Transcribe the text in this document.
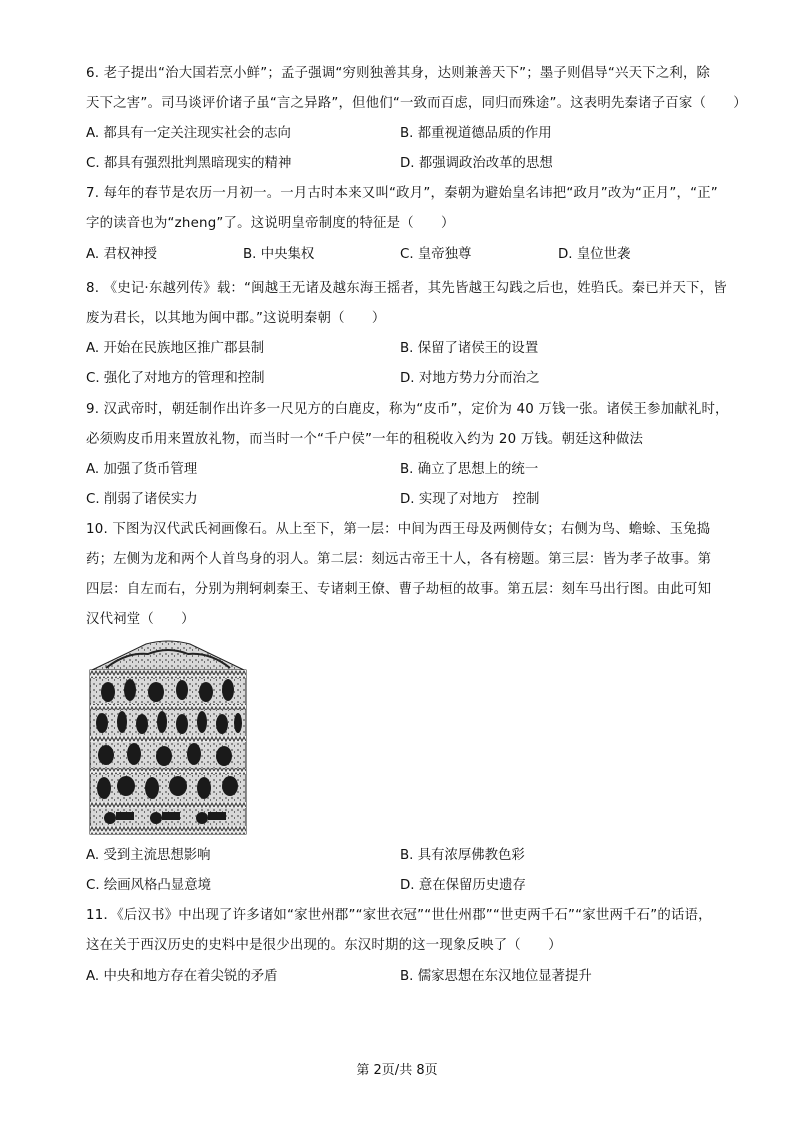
6. 老子提出“治大国若烹小鲜”；孟子强调“穷则独善其身，达则兼善天下”；墨子则倡导“兴天下之利，除
天下之害”。司马谈评价诸子虽“言之异路”，但他们“一致而百虑，同归而殊途”。这表明先秦诸子百家（　　）
A. 都具有一定关注现实社会的志向	B. 都重视道德品质的作用
C. 都具有强烈批判黑暗现实的精神	D. 都强调政治改革的思想
7. 每年的春节是农历一月初一。一月古时本来又叫“政月”，秦朝为避始皇名讳把“政月”改为“正月”，“正”
字的读音也为“zheng”了。这说明皇帝制度的特征是（　　）
A. 君权神授	B. 中央集权	C. 皇帝独尊	D. 皇位世袭
8. 《史记·东越列传》载：“闽越王无诸及越东海王摇者，其先皆越王勾践之后也，姓驺氏。秦已并天下，皆
废为君长，以其地为闽中郡。”这说明秦朝（　　）
A. 开始在民族地区推广郡县制	B. 保留了诸侯王的设置
C. 强化了对地方的管理和控制	D. 对地方势力分而治之
9. 汉武帝时，朝廷制作出许多一尺见方的白鹿皮，称为“皮币”，定价为 40 万钱一张。诸侯王参加献礼时，
必须购皮币用来置放礼物，而当时一个“千户侯”一年的租税收入约为 20 万钱。朝廷这种做法
A. 加强了货币管理	B. 确立了思想上的统一
C. 削弱了诸侯实力	D. 实现了对地方　控制
10. 下图为汉代武氏祠画像石。从上至下，第一层：中间为西王母及两侧侍女；右侧为鸟、蟾蜍、玉兔捣
药；左侧为龙和两个人首鸟身的羽人。第二层：刻远古帝王十人，各有榜题。第三层：皆为孝子故事。第
四层：自左而右，分别为荆轲刺秦王、专诸刺王僚、曹子劫桓的故事。第五层：刻车马出行图。由此可知
汉代祠堂（　　）
A. 受到主流思想影响	B. 具有浓厚佛教色彩
C. 绘画风格凸显意境	D. 意在保留历史遗存
11．《后汉书》中出现了许多诸如“家世州郡”“家世衣冠”“世仕州郡”“世吏两千石”“家世两千石”的话语，
这在关于西汉历史的史料中是很少出现的。东汉时期的这一现象反映了（　　）
A. 中央和地方存在着尖锐的矛盾	B. 儒家思想在东汉地位显著提升
第 2页/共 8页
